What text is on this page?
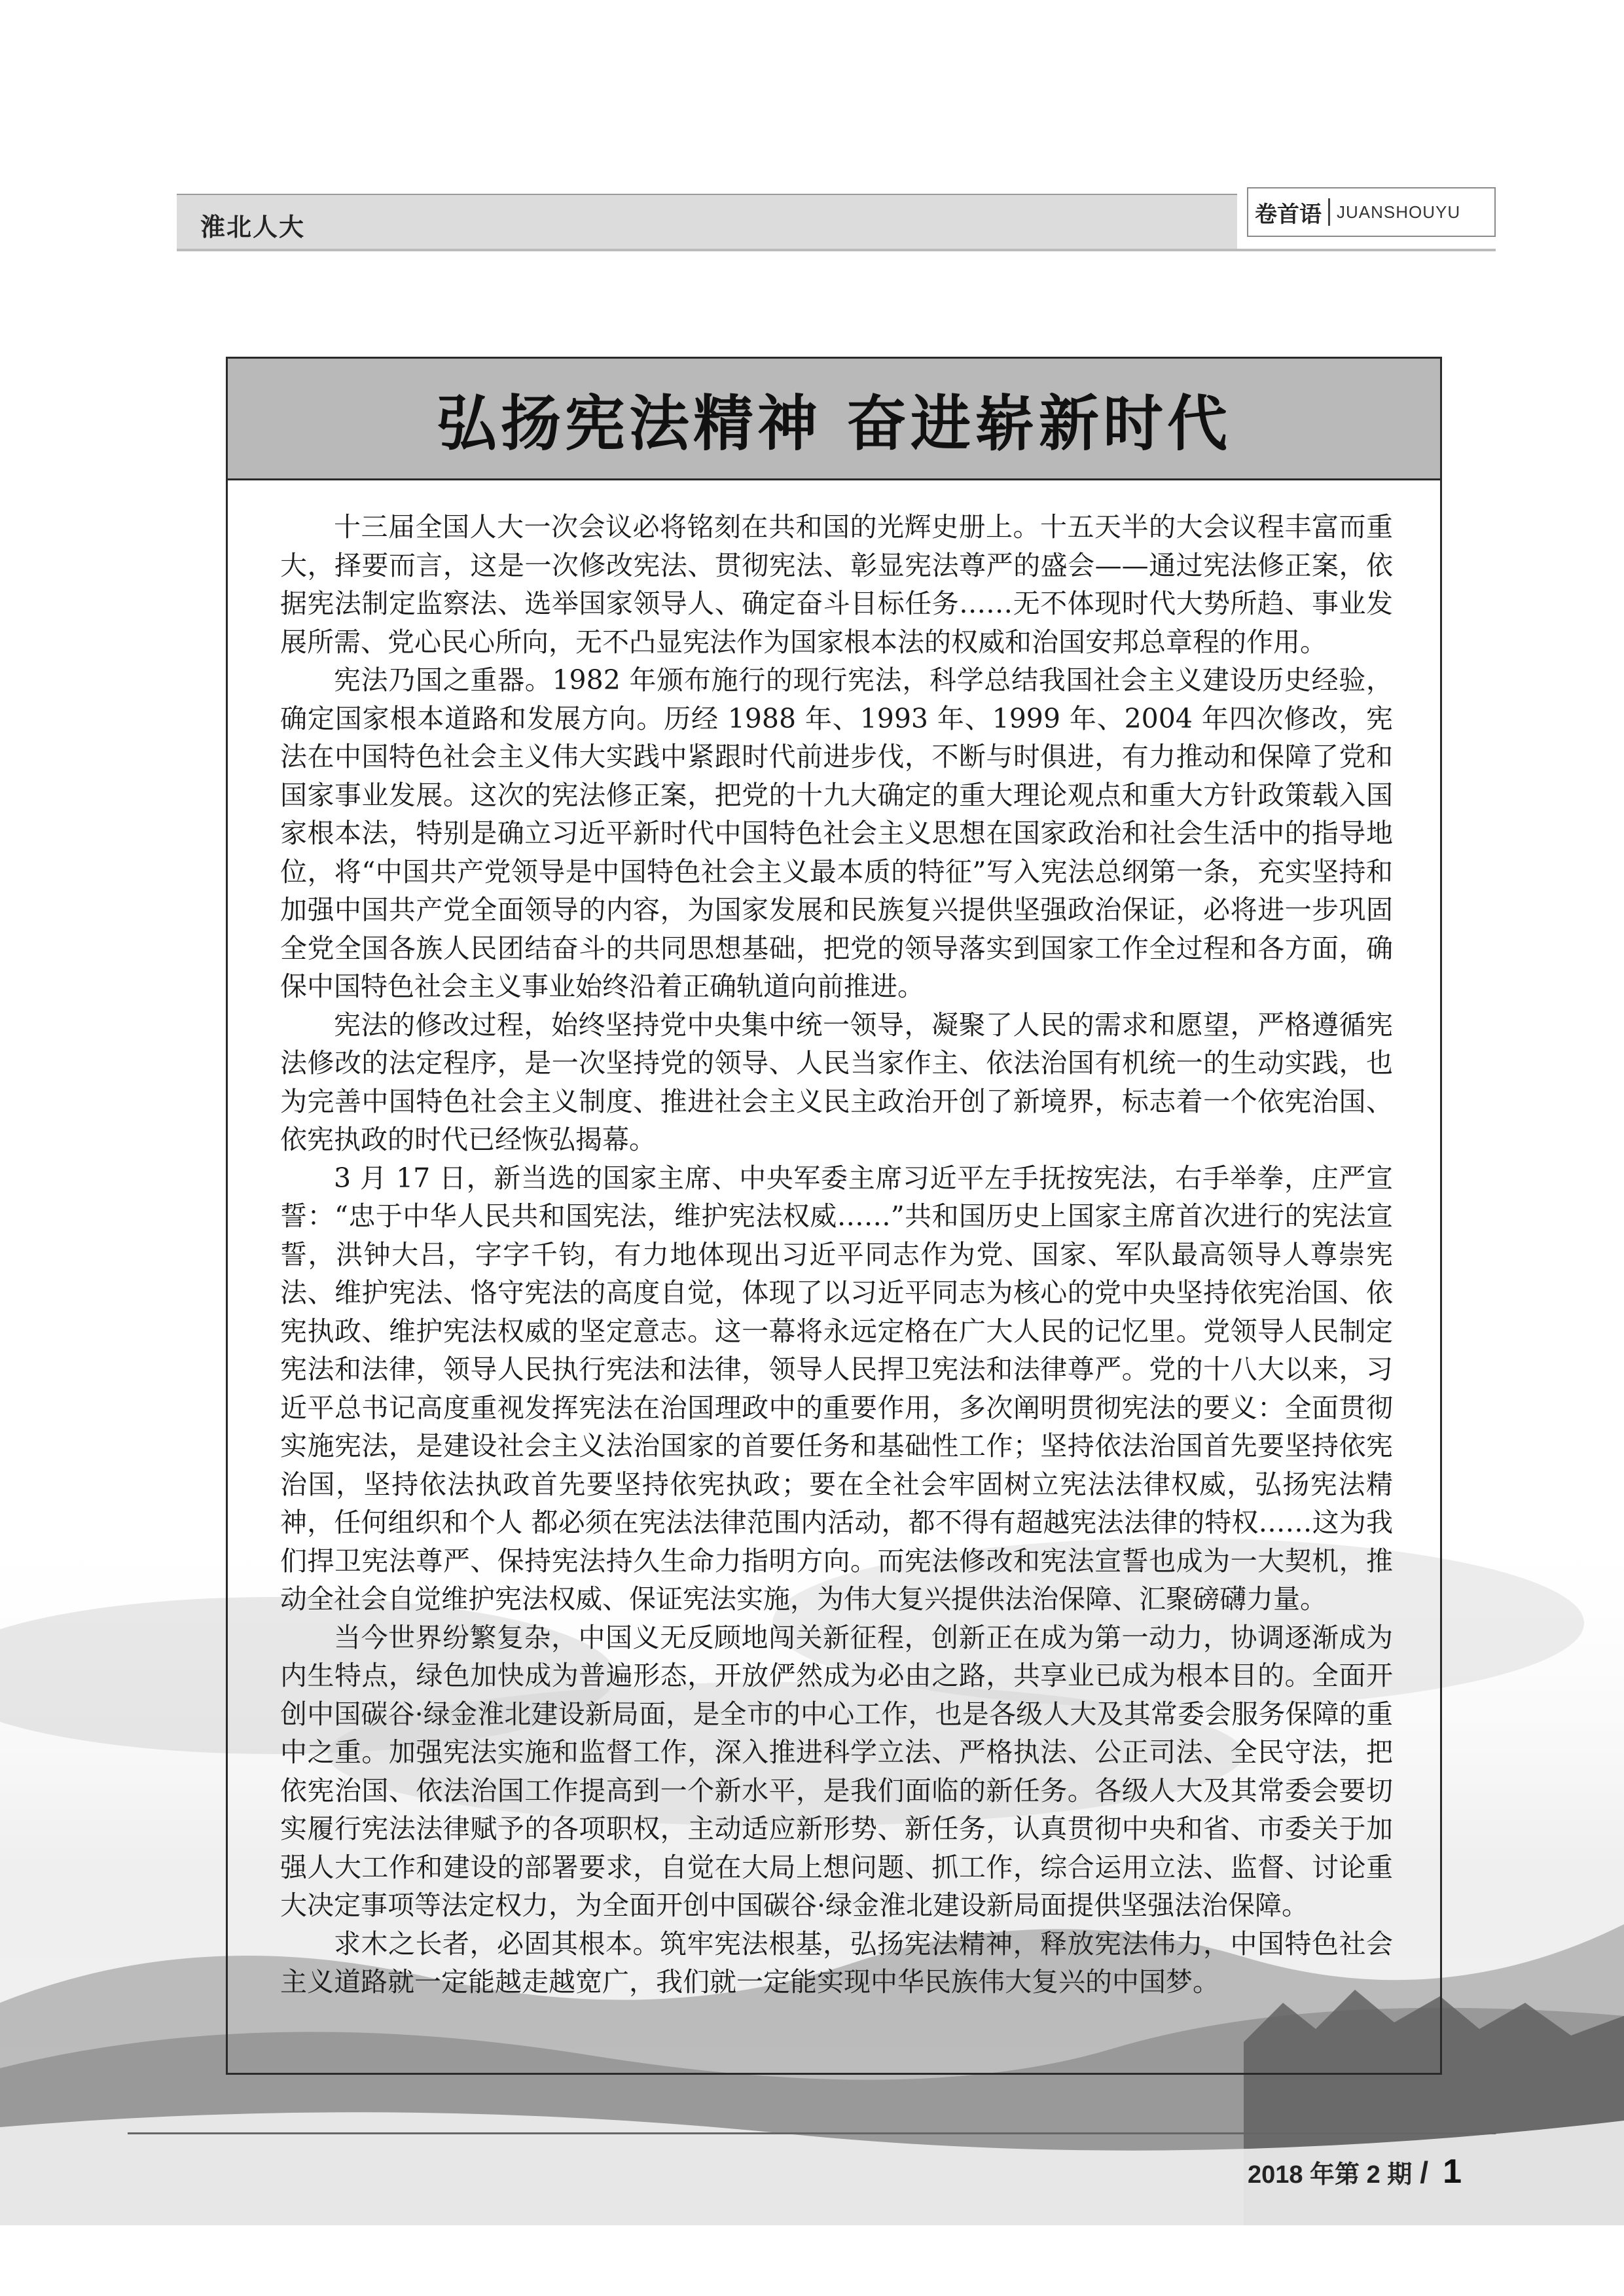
淮北人大	卷首语 JUANSHOUYU
弘扬宪法精神 奋进崭新时代

十三届全国人大一次会议必将铭刻在共和国的光辉史册上。十五天半的大会议程丰富而重大，择要而言，这是一次修改宪法、贯彻宪法、彰显宪法尊严的盛会——通过宪法修正案，依据宪法制定监察法、选举国家领导人、确定奋斗目标任务……无不体现时代大势所趋、事业发展所需、党心民心所向，无不凸显宪法作为国家根本法的权威和治国安邦总章程的作用。

宪法乃国之重器。1982 年颁布施行的现行宪法，科学总结我国社会主义建设历史经验，确定国家根本道路和发展方向。历经 1988 年、1993 年、1999 年、2004 年四次修改，宪法在中国特色社会主义伟大实践中紧跟时代前进步伐，不断与时俱进，有力推动和保障了党和国家事业发展。这次的宪法修正案，把党的十九大确定的重大理论观点和重大方针政策载入国家根本法，特别是确立习近平新时代中国特色社会主义思想在国家政治和社会生活中的指导地位，将“中国共产党领导是中国特色社会主义最本质的特征”写入宪法总纲第一条，充实坚持和加强中国共产党全面领导的内容，为国家发展和民族复兴提供坚强政治保证，必将进一步巩固全党全国各族人民团结奋斗的共同思想基础，把党的领导落实到国家工作全过程和各方面，确保中国特色社会主义事业始终沿着正确轨道向前推进。

宪法的修改过程，始终坚持党中央集中统一领导，凝聚了人民的需求和愿望，严格遵循宪法修改的法定程序，是一次坚持党的领导、人民当家作主、依法治国有机统一的生动实践，也为完善中国特色社会主义制度、推进社会主义民主政治开创了新境界，标志着一个依宪治国、依宪执政的时代已经恢弘揭幕。

3 月 17 日，新当选的国家主席、中央军委主席习近平左手抚按宪法，右手举拳，庄严宣誓：“忠于中华人民共和国宪法，维护宪法权威……”共和国历史上国家主席首次进行的宪法宣誓，洪钟大吕，字字千钧，有力地体现出习近平同志作为党、国家、军队最高领导人尊崇宪法、维护宪法、恪守宪法的高度自觉，体现了以习近平同志为核心的党中央坚持依宪治国、依宪执政、维护宪法权威的坚定意志。这一幕将永远定格在广大人民的记忆里。党领导人民制定宪法和法律，领导人民执行宪法和法律，领导人民捍卫宪法和法律尊严。党的十八大以来，习近平总书记高度重视发挥宪法在治国理政中的重要作用，多次阐明贯彻宪法的要义：全面贯彻实施宪法，是建设社会主义法治国家的首要任务和基础性工作；坚持依法治国首先要坚持依宪治国，坚持依法执政首先要坚持依宪执政；要在全社会牢固树立宪法法律权威，弘扬宪法精神，任何组织和个人 都必须在宪法法律范围内活动，都不得有超越宪法法律的特权……这为我们捍卫宪法尊严、保持宪法持久生命力指明方向。而宪法修改和宪法宣誓也成为一大契机，推动全社会自觉维护宪法权威、保证宪法实施，为伟大复兴提供法治保障、汇聚磅礴力量。

当今世界纷繁复杂，中国义无反顾地闯关新征程，创新正在成为第一动力，协调逐渐成为内生特点，绿色加快成为普遍形态，开放俨然成为必由之路，共享业已成为根本目的。全面开创中国碳谷·绿金淮北建设新局面，是全市的中心工作，也是各级人大及其常委会服务保障的重中之重。加强宪法实施和监督工作，深入推进科学立法、严格执法、公正司法、全民守法，把依宪治国、依法治国工作提高到一个新水平，是我们面临的新任务。各级人大及其常委会要切实履行宪法法律赋予的各项职权，主动适应新形势、新任务，认真贯彻中央和省、市委关于加强人大工作和建设的部署要求，自觉在大局上想问题、抓工作，综合运用立法、监督、讨论重大决定事项等法定权力，为全面开创中国碳谷·绿金淮北建设新局面提供坚强法治保障。

求木之长者，必固其根本。筑牢宪法根基，弘扬宪法精神，释放宪法伟力，中国特色社会主义道路就一定能越走越宽广，我们就一定能实现中华民族伟大复兴的中国梦。

2018 年第 2 期 / 1
